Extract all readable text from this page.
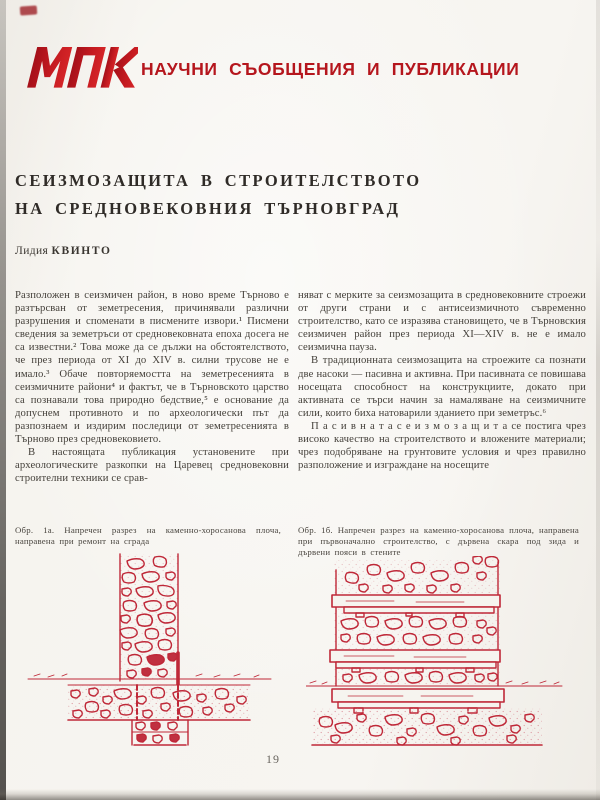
НАУЧНИ СЪОБЩЕНИЯ И ПУБЛИКАЦИИ
СЕИЗМОЗАЩИТА В СТРОИТЕЛСТВОТО
НА СРЕДНОВЕКОВНИЯ ТЪРНОВГРАД
Лидия КВИНТО

Разположен в сеизмичен район, в ново време Търново е разтърсван от земетресения, причинявали различни разрушения и споменати в писмените извори.¹ Писмени сведения за земетръси от средновековната епоха досега не са известни.² Това може да се дължи на обстоятелството, че през периода от XI до XIV в. силни трусове не е имало.³ Обаче повторяемостта на земетресенията в сеизмичните райони⁴ и фактът, че в Търновското царство са познавали това природно бедствие,⁵ е основание да допуснем противното и по археологически път да разпознаем и издирим последици от земетресенията в Търново през средновековието.

В настоящата публикация установените при археологическите разкопки на Царевец средновековни строителни техники се срав-

няват с мерките за сеизмозащита в средновековните строежи от други страни и с антисеизмичното съвременно строителство, като се изразява становището, че в Търновския сеизмичен район през периода XI—XIV в. не е имало сеизмична пауза.

В традиционната сеизмозащита на строежите са познати две насоки — пасивна и активна. При пасивната се повишава носещата способност на конструкциите, докато при активната се търси начин за намаляване на сеизмичните сили, които биха натоварили зданието при земетръс.⁶

П а с и в н а т а с е и з м о з а щ и т а се постига чрез високо качество на строителството и вложените материали; чрез подобряване на грунтовите условия и чрез правилно разположение и изграждане на носещите

Обр. 1а. Напречен разрез на каменно-хоросанова плоча, направена при ремонт на сграда

Обр. 1б. Напречен разрез на каменно-хоросанова плоча, направена при първоначално строителство, с дървена скара под зида и дървени пояси в стените

19
